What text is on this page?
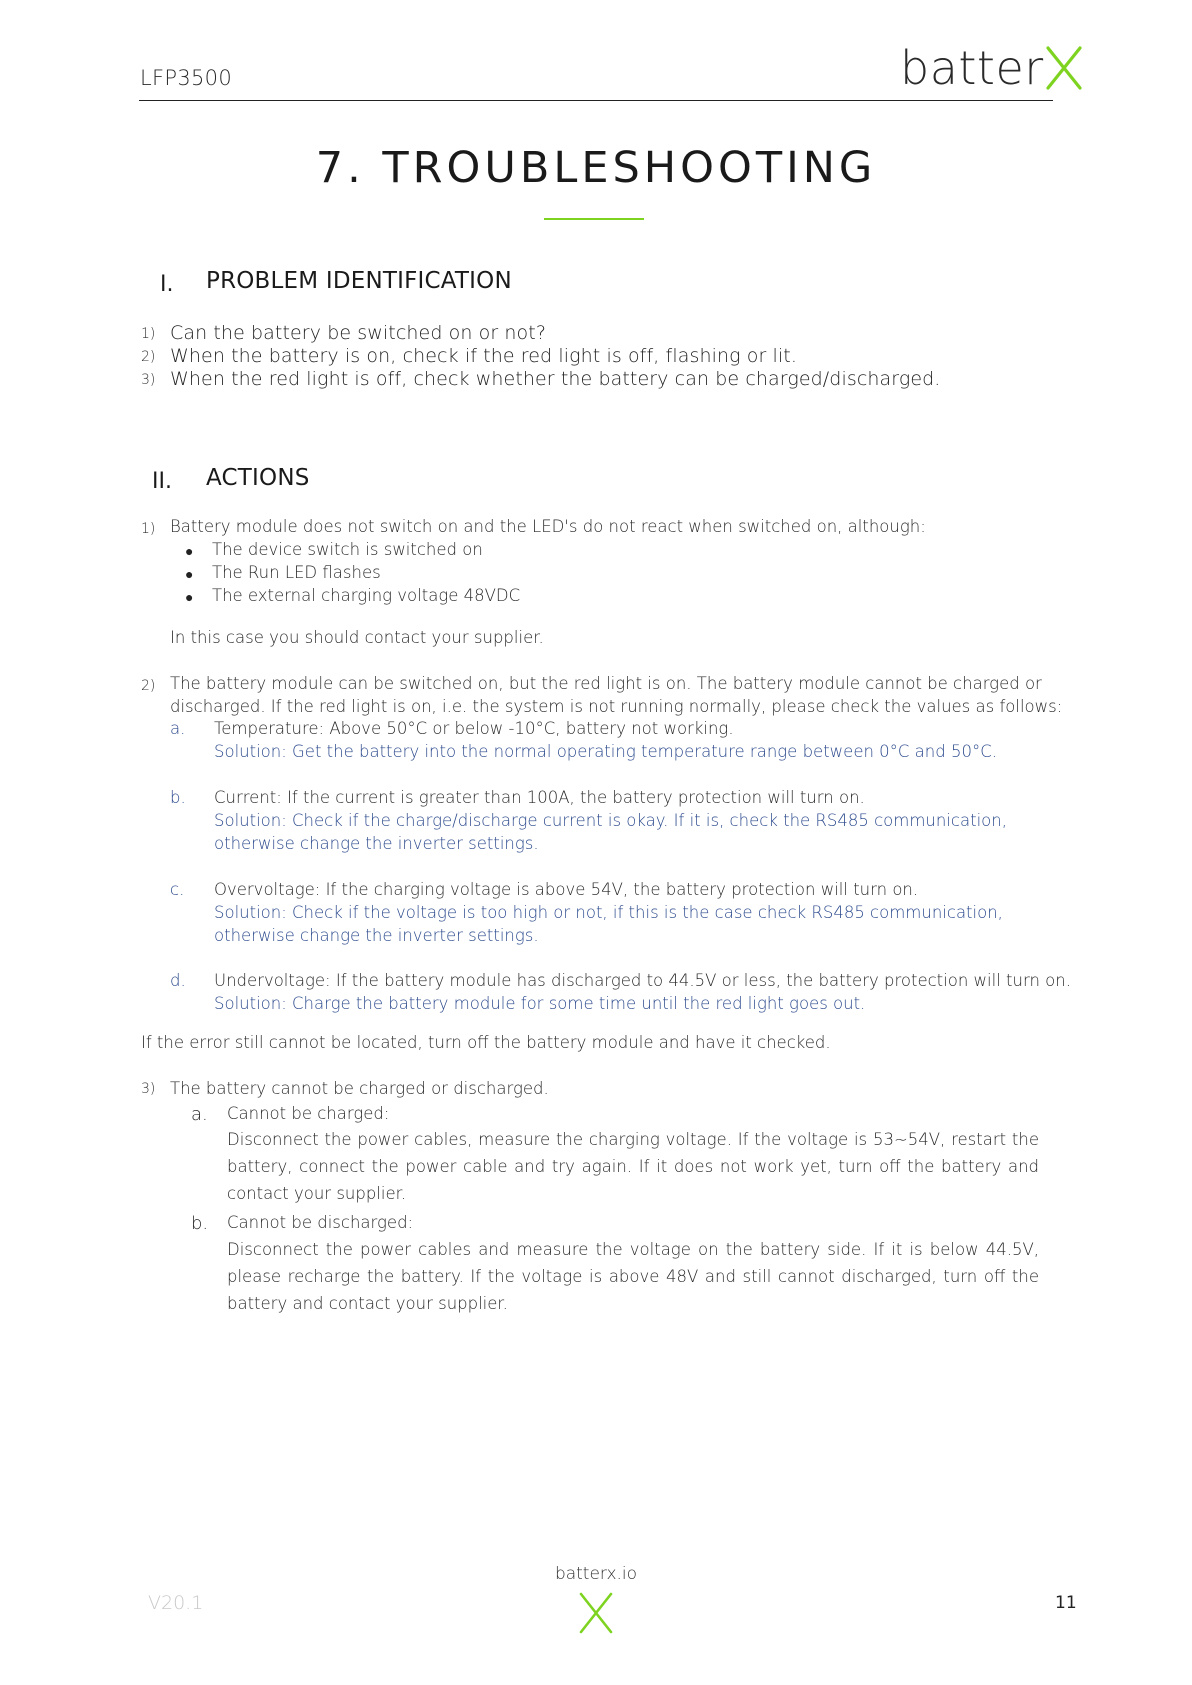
LFP3500	batter
7. TROUBLESHOOTING
I. PROBLEM IDENTIFICATION
1) Can the battery be switched on or not?
2) When the battery is on, check if the red light is off, flashing or lit.
3) When the red light is off, check whether the battery can be charged/discharged.
II. ACTIONS
1) Battery module does not switch on and the LED's do not react when switched on, although:
● The device switch is switched on
● The Run LED flashes
● The external charging voltage 48VDC
In this case you should contact your supplier.
2) The battery module can be switched on, but the red light is on. The battery module cannot be charged or
discharged. If the red light is on, i.e. the system is not running normally, please check the values as follows:
a. Temperature: Above 50°C or below -10°C, battery not working.
Solution: Get the battery into the normal operating temperature range between 0°C and 50°C.
b. Current: If the current is greater than 100A, the battery protection will turn on.
Solution: Check if the charge/discharge current is okay. If it is, check the RS485 communication,
otherwise change the inverter settings.
c. Overvoltage: If the charging voltage is above 54V, the battery protection will turn on.
Solution: Check if the voltage is too high or not, if this is the case check RS485 communication,
otherwise change the inverter settings.
d. Undervoltage: If the battery module has discharged to 44.5V or less, the battery protection will turn on.
Solution: Charge the battery module for some time until the red light goes out.
If the error still cannot be located, turn off the battery module and have it checked.
3) The battery cannot be charged or discharged.
a. Cannot be charged:
Disconnect the power cables, measure the charging voltage. If the voltage is 53~54V, restart the battery, connect the power cable and try again. If it does not work yet, turn off the battery and contact your supplier.
b. Cannot be discharged:
Disconnect the power cables and measure the voltage on the battery side. If it is below 44.5V, please recharge the battery. If the voltage is above 48V and still cannot discharged, turn off the battery and contact your supplier.
batterx.io
V20.1	11
